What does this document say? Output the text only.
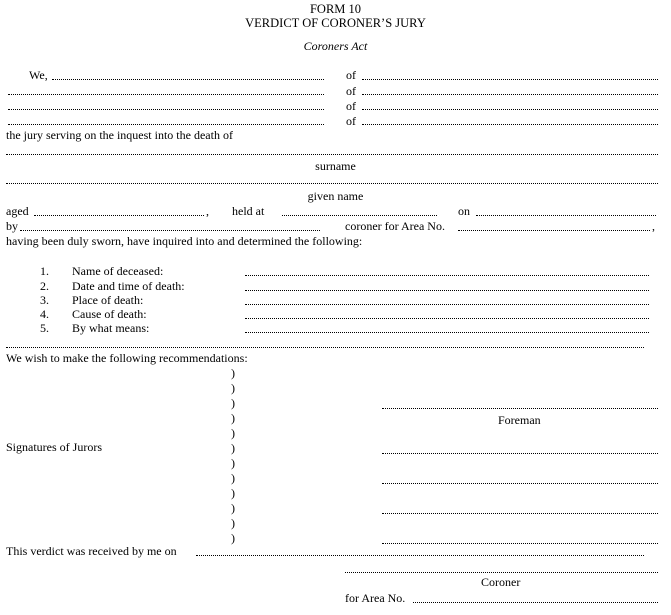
FORM 10
VERDICT OF CORONER’S JURY
Coroners Act
We,	of
of
of
of
the jury serving on the inquest into the death of
surname
given name
aged	, held at	on
by	coroner for Area No.	,
having been duly sworn, have inquired into and determined the following:
1. Name of deceased:
2. Date and time of death:
3. Place of death:
4. Cause of death:
5. By what means:
We wish to make the following recommendations:
)
)
)
)
)
)
)
)
)
)
)
)
Signatures of Jurors
Foreman
This verdict was received by me on
Coroner
for Area No.
